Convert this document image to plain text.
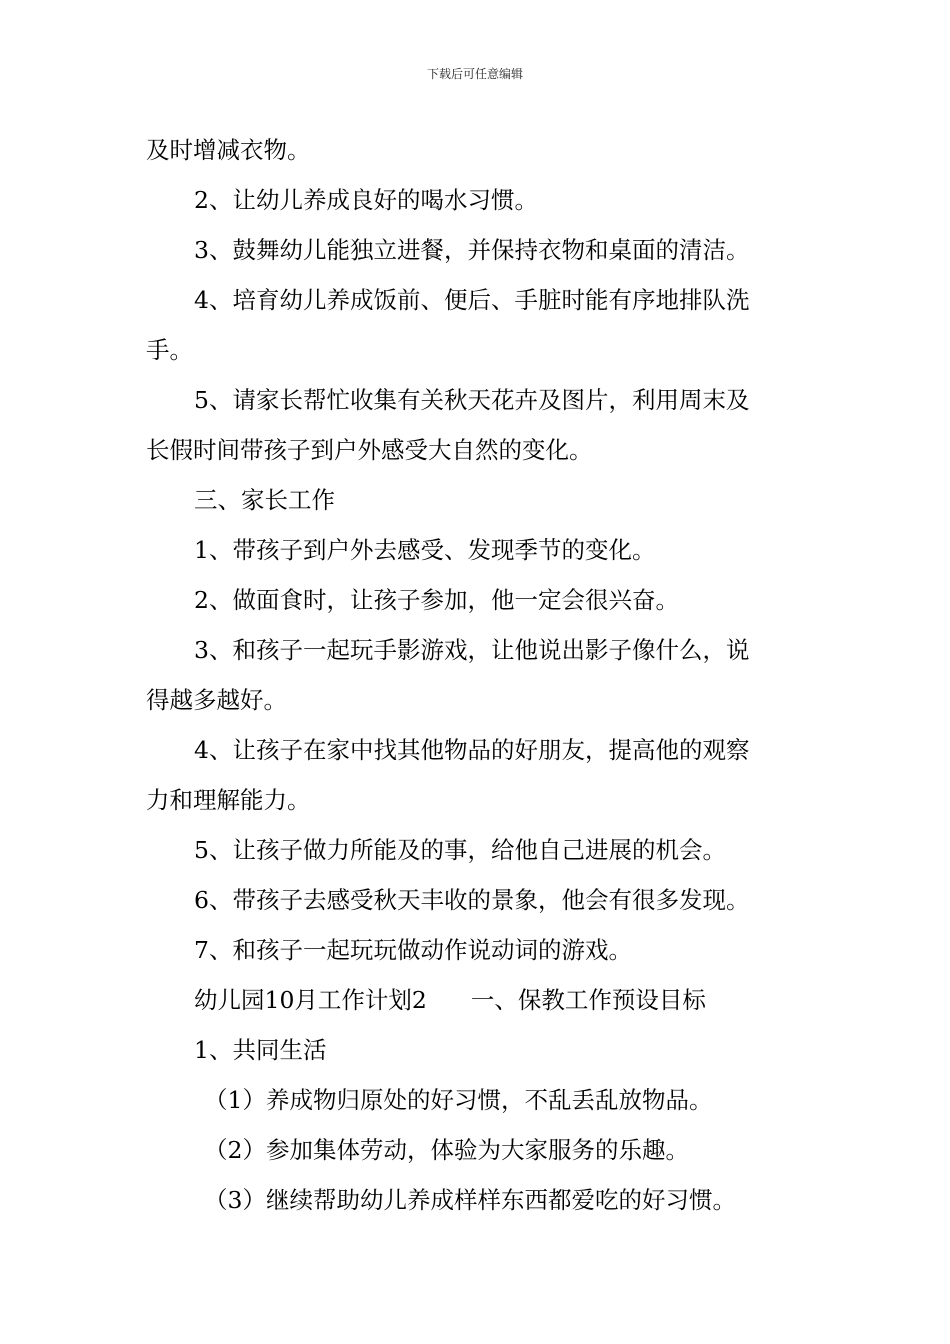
下载后可任意编辑
及时增减衣物。
2、让幼儿养成良好的喝水习惯。
3、鼓舞幼儿能独立进餐，并保持衣物和桌面的清洁。
4、培育幼儿养成饭前、便后、手脏时能有序地排队洗
手。
5、请家长帮忙收集有关秋天花卉及图片，利用周末及
长假时间带孩子到户外感受大自然的变化。
三、家长工作
1、带孩子到户外去感受、发现季节的变化。
2、做面食时，让孩子参加，他一定会很兴奋。
3、和孩子一起玩手影游戏，让他说出影子像什么，说
得越多越好。
4、让孩子在家中找其他物品的好朋友，提高他的观察
力和理解能力。
5、让孩子做力所能及的事，给他自己进展的机会。
6、带孩子去感受秋天丰收的景象，他会有很多发现。
7、和孩子一起玩玩做动作说动词的游戏。
幼儿园10月工作计划2 一、保教工作预设目标
1、共同生活
（1）养成物归原处的好习惯，不乱丢乱放物品。
（2）参加集体劳动，体验为大家服务的乐趣。
（3）继续帮助幼儿养成样样东西都爱吃的好习惯。
